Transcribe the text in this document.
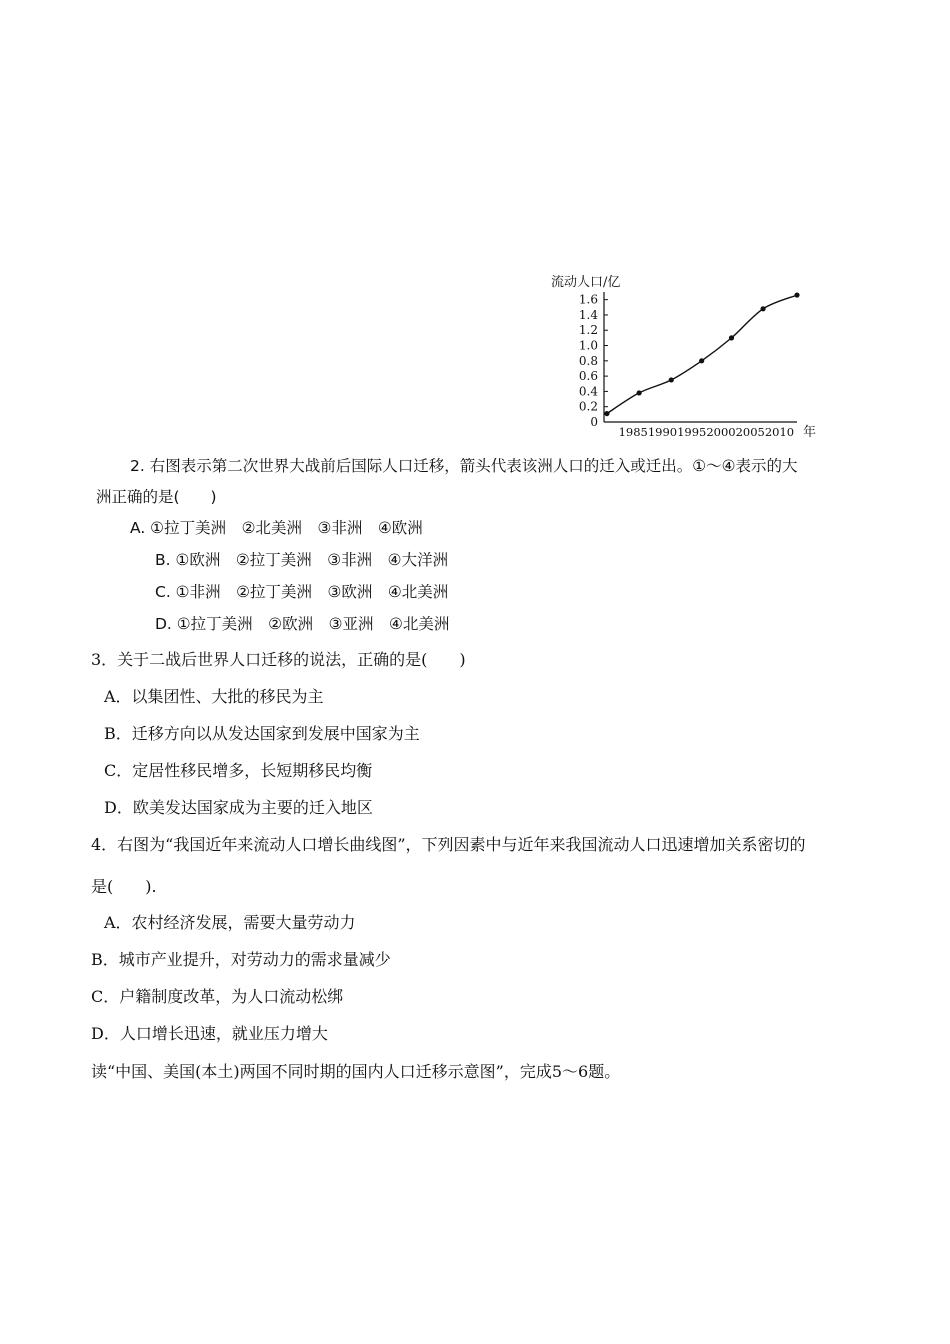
1.6
1.4
1.2
1.0
0.8
0.6
0.4
0.2
0
1985 1990 1995 2000 2005 2010
流动人口/亿
年
2. 右图表示第二次世界大战前后国际人口迁移，箭头代表该洲人口的迁入或迁出。①～④表示的大
洲正确的是(　　)
A. ①拉丁美洲　②北美洲　③非洲　④欧洲
B. ①欧洲　②拉丁美洲　③非洲　④大洋洲
C. ①非洲　②拉丁美洲　③欧洲　④北美洲
D. ①拉丁美洲　②欧洲　③亚洲　④北美洲
3．关于二战后世界人口迁移的说法，正确的是(　　)
A．以集团性、大批的移民为主
B．迁移方向以从发达国家到发展中国家为主
C．定居性移民增多，长短期移民均衡
D．欧美发达国家成为主要的迁入地区
4．右图为“我国近年来流动人口增长曲线图”，下列因素中与近年来我国流动人口迅速增加关系密切的
是(　　).
A．农村经济发展，需要大量劳动力
B．城市产业提升，对劳动力的需求量减少
C．户籍制度改革，为人口流动松绑
D．人口增长迅速，就业压力增大
读“中国、美国(本土)两国不同时期的国内人口迁移示意图”，完成5～6题。
